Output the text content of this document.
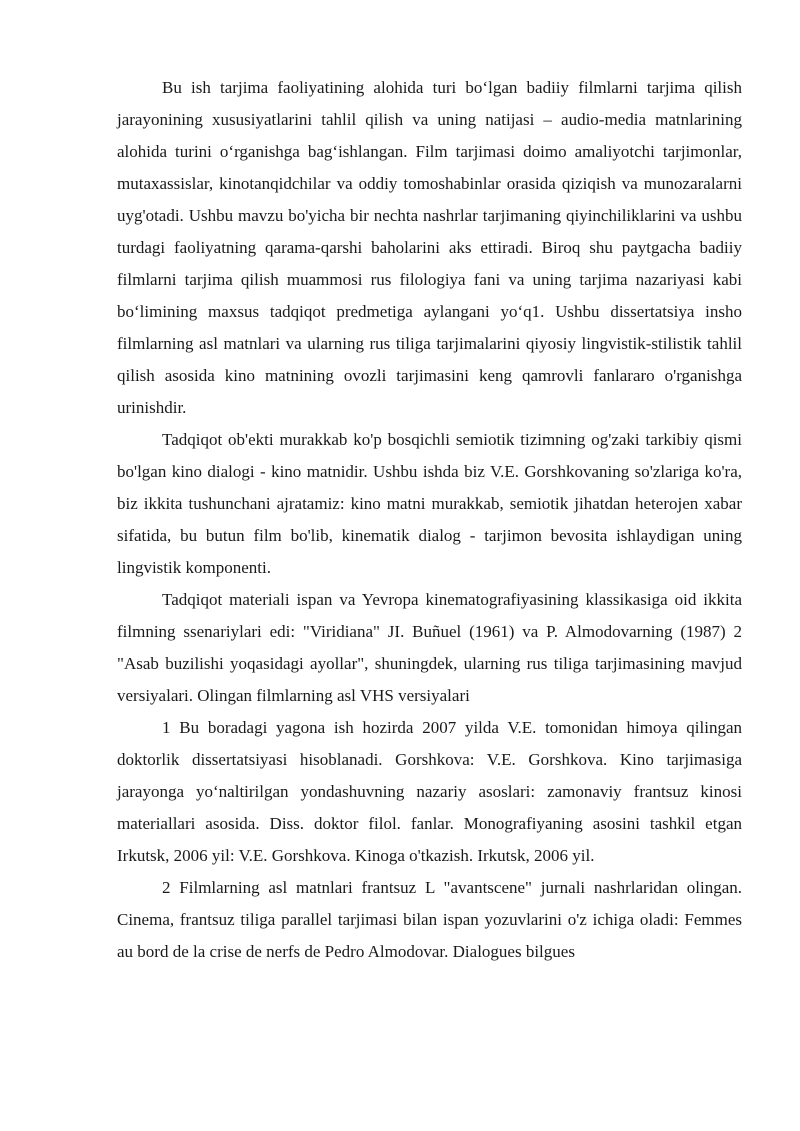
Bu ish tarjima faoliyatining alohida turi bo‘lgan badiiy filmlarni tarjima qilish jarayonining xususiyatlarini tahlil qilish va uning natijasi – audio-media matnlarining alohida turini o‘rganishga bag‘ishlangan. Film tarjimasi doimo amaliyotchi tarjimonlar, mutaxassislar, kinotanqidchilar va oddiy tomoshabinlar orasida qiziqish va munozaralarni uyg'otadi. Ushbu mavzu bo'yicha bir nechta nashrlar tarjimaning qiyinchiliklarini va ushbu turdagi faoliyatning qarama-qarshi baholarini aks ettiradi. Biroq shu paytgacha badiiy filmlarni tarjima qilish muammosi rus filologiya fani va uning tarjima nazariyasi kabi bo‘limining maxsus tadqiqot predmetiga aylangani yo‘q1. Ushbu dissertatsiya insho filmlarning asl matnlari va ularning rus tiliga tarjimalarini qiyosiy lingvistik-stilistik tahlil qilish asosida kino matnining ovozli tarjimasini keng qamrovli fanlararo o'rganishga urinishdir.

Tadqiqot ob'ekti murakkab ko'p bosqichli semiotik tizimning og'zaki tarkibiy qismi bo'lgan kino dialogi - kino matnidir. Ushbu ishda biz V.E. Gorshkovaning so'zlariga ko'ra, biz ikkita tushunchani ajratamiz: kino matni murakkab, semiotik jihatdan heterojen xabar sifatida, bu butun film bo'lib, kinematik dialog - tarjimon bevosita ishlaydigan uning lingvistik komponenti.

Tadqiqot materiali ispan va Yevropa kinematografiyasining klassikasiga oid ikkita filmning ssenariylari edi: "Viridiana" JI. Buñuel (1961) va P. Almodovarning (1987) 2 "Asab buzilishi yoqasidagi ayollar", shuningdek, ularning rus tiliga tarjimasining mavjud versiyalari. Olingan filmlarning asl VHS versiyalari

1 Bu boradagi yagona ish hozirda 2007 yilda V.E. tomonidan himoya qilingan doktorlik dissertatsiyasi hisoblanadi. Gorshkova: V.E. Gorshkova. Kino tarjimasiga jarayonga yo‘naltirilgan yondashuvning nazariy asoslari: zamonaviy frantsuz kinosi materiallari asosida. Diss. doktor filol. fanlar. Monografiyaning asosini tashkil etgan Irkutsk, 2006 yil: V.E. Gorshkova. Kinoga o'tkazish. Irkutsk, 2006 yil.

2 Filmlarning asl matnlari frantsuz L "avantscene" jurnali nashrlaridan olingan. Cinema, frantsuz tiliga parallel tarjimasi bilan ispan yozuvlarini o'z ichiga oladi: Femmes au bord de la crise de nerfs de Pedro Almodovar. Dialogues bilgues
